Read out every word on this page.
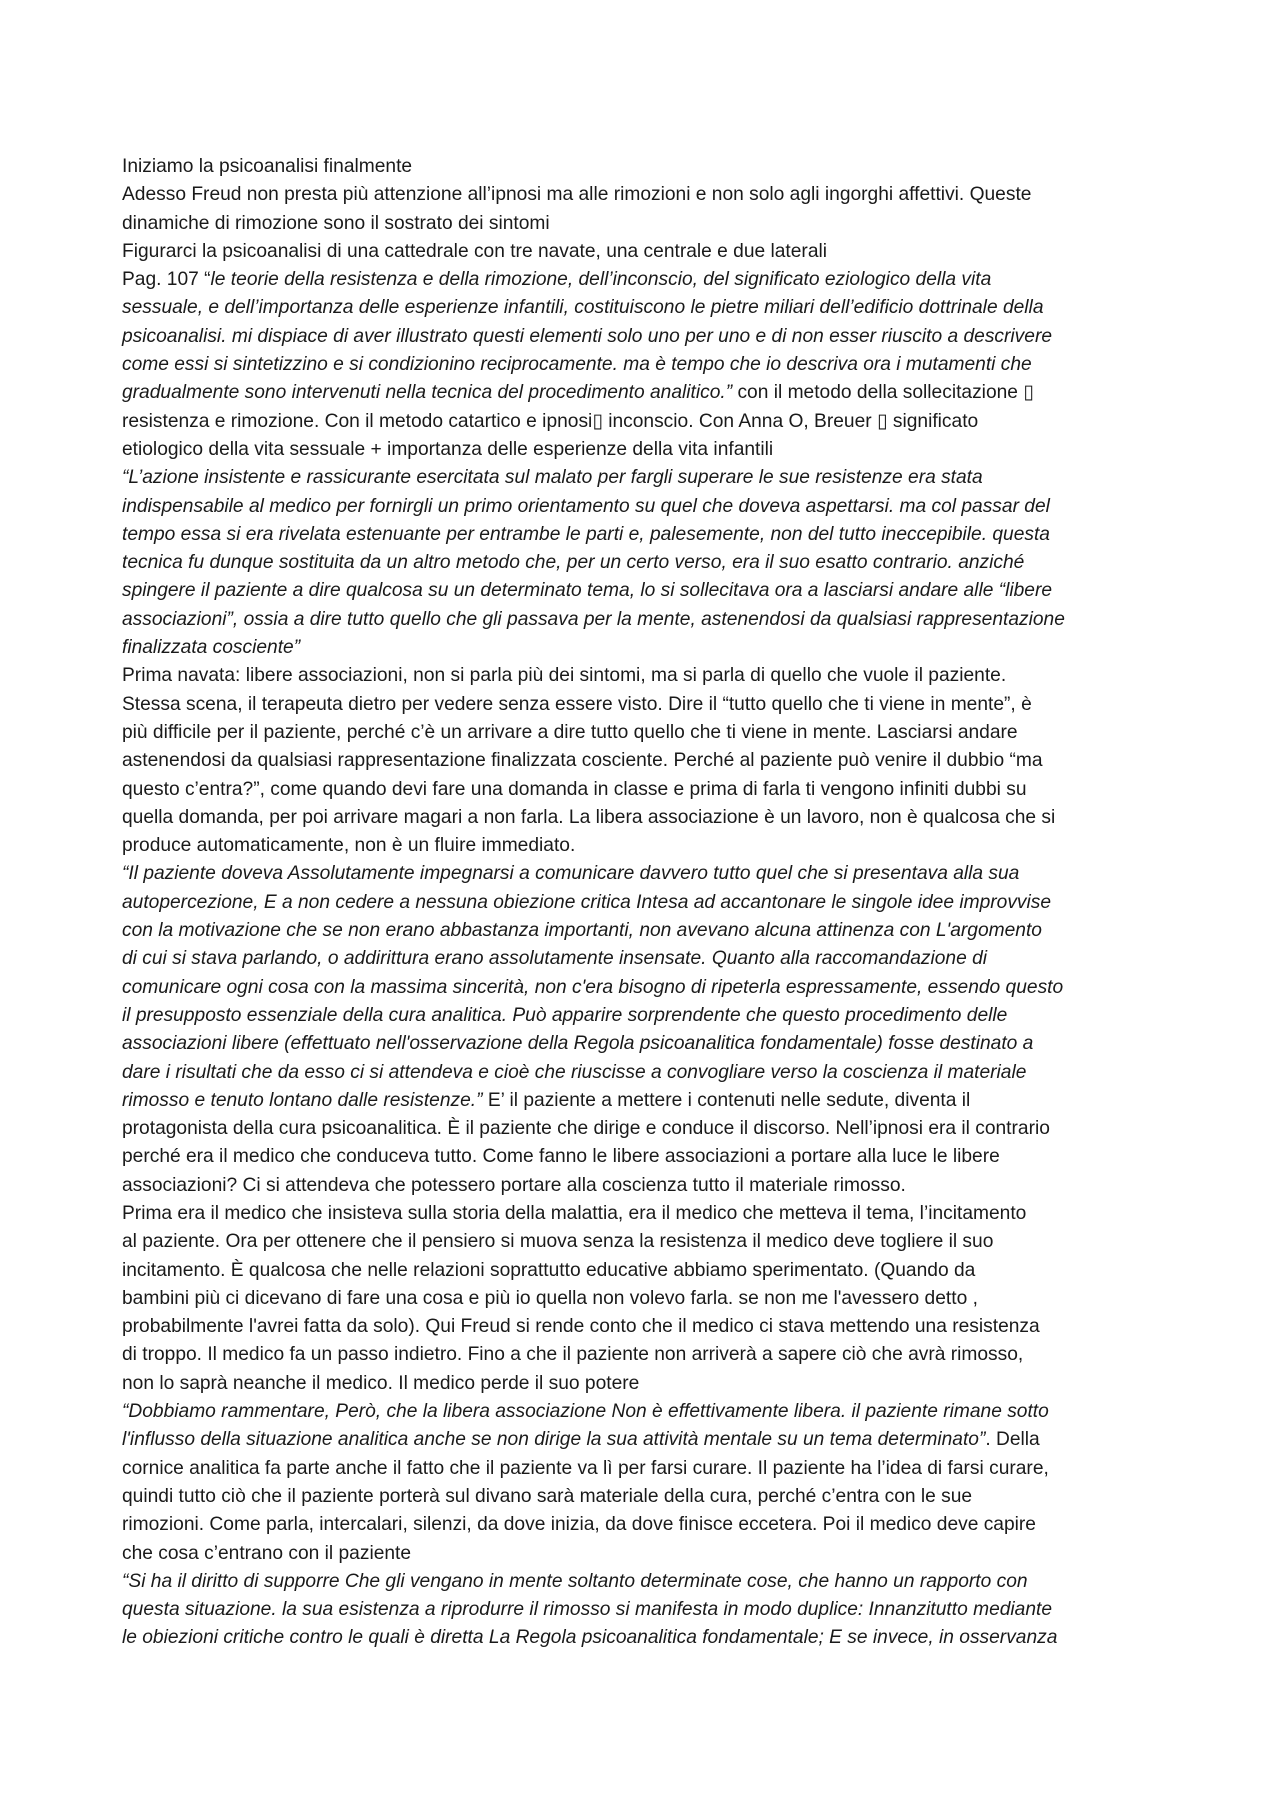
Iniziamo la psicoanalisi finalmente
Adesso Freud non presta più attenzione all’ipnosi ma alle rimozioni e non solo agli ingorghi affettivi. Queste
dinamiche di rimozione sono il sostrato dei sintomi
Figurarci la psicoanalisi di una cattedrale con tre navate, una centrale e due laterali
Pag. 107 “le teorie della resistenza e della rimozione, dell’inconscio, del significato eziologico della vita
sessuale, e dell’importanza delle esperienze infantili, costituiscono le pietre miliari dell’edificio dottrinale della
psicoanalisi. mi dispiace di aver illustrato questi elementi solo uno per uno e di non esser riuscito a descrivere
come essi si sintetizzino e si condizionino reciprocamente. ma è tempo che io descriva ora i mutamenti che
gradualmente sono intervenuti nella tecnica del procedimento analitico.” con il metodo della sollecitazione ▯
resistenza e rimozione. Con il metodo catartico e ipnosi▯ inconscio. Con Anna O, Breuer ▯ significato
etiologico della vita sessuale + importanza delle esperienze della vita infantili
“L’azione insistente e rassicurante esercitata sul malato per fargli superare le sue resistenze era stata
indispensabile al medico per fornirgli un primo orientamento su quel che doveva aspettarsi. ma col passar del
tempo essa si era rivelata estenuante per entrambe le parti e, palesemente, non del tutto ineccepibile. questa
tecnica fu dunque sostituita da un altro metodo che, per un certo verso, era il suo esatto contrario. anziché
spingere il paziente a dire qualcosa su un determinato tema, lo si sollecitava ora a lasciarsi andare alle “libere
associazioni”, ossia a dire tutto quello che gli passava per la mente, astenendosi da qualsiasi rappresentazione
finalizzata cosciente”
Prima navata: libere associazioni, non si parla più dei sintomi, ma si parla di quello che vuole il paziente.
Stessa scena, il terapeuta dietro per vedere senza essere visto. Dire il “tutto quello che ti viene in mente”, è
più difficile per il paziente, perché c’è un arrivare a dire tutto quello che ti viene in mente. Lasciarsi andare
astenendosi da qualsiasi rappresentazione finalizzata cosciente. Perché al paziente può venire il dubbio “ma
questo c’entra?”, come quando devi fare una domanda in classe e prima di farla ti vengono infiniti dubbi su
quella domanda, per poi arrivare magari a non farla. La libera associazione è un lavoro, non è qualcosa che si
produce automaticamente, non è un fluire immediato.
“Il paziente doveva Assolutamente impegnarsi a comunicare davvero tutto quel che si presentava alla sua
autopercezione, E a non cedere a nessuna obiezione critica Intesa ad accantonare le singole idee improvvise
con la motivazione che se non erano abbastanza importanti, non avevano alcuna attinenza con L'argomento
di cui si stava parlando, o addirittura erano assolutamente insensate. Quanto alla raccomandazione di
comunicare ogni cosa con la massima sincerità, non c'era bisogno di ripeterla espressamente, essendo questo
il presupposto essenziale della cura analitica. Può apparire sorprendente che questo procedimento delle
associazioni libere (effettuato nell'osservazione della Regola psicoanalitica fondamentale) fosse destinato a
dare i risultati che da esso ci si attendeva e cioè che riuscisse a convogliare verso la coscienza il materiale
rimosso e tenuto lontano dalle resistenze.” E’ il paziente a mettere i contenuti nelle sedute, diventa il
protagonista della cura psicoanalitica. È il paziente che dirige e conduce il discorso. Nell’ipnosi era il contrario
perché era il medico che conduceva tutto. Come fanno le libere associazioni a portare alla luce le libere
associazioni? Ci si attendeva che potessero portare alla coscienza tutto il materiale rimosso.
Prima era il medico che insisteva sulla storia della malattia, era il medico che metteva il tema, l’incitamento
al paziente. Ora per ottenere che il pensiero si muova senza la resistenza il medico deve togliere il suo
incitamento. È qualcosa che nelle relazioni soprattutto educative abbiamo sperimentato. (Quando da
bambini più ci dicevano di fare una cosa e più io quella non volevo farla. se non me l'avessero detto ,
probabilmente l'avrei fatta da solo). Qui Freud si rende conto che il medico ci stava mettendo una resistenza
di troppo. Il medico fa un passo indietro. Fino a che il paziente non arriverà a sapere ciò che avrà rimosso,
non lo saprà neanche il medico. Il medico perde il suo potere
“Dobbiamo rammentare, Però, che la libera associazione Non è effettivamente libera. il paziente rimane sotto
l'influsso della situazione analitica anche se non dirige la sua attività mentale su un tema determinato”. Della
cornice analitica fa parte anche il fatto che il paziente va lì per farsi curare. Il paziente ha l’idea di farsi curare,
quindi tutto ciò che il paziente porterà sul divano sarà materiale della cura, perché c’entra con le sue
rimozioni. Come parla, intercalari, silenzi, da dove inizia, da dove finisce eccetera. Poi il medico deve capire
che cosa c’entrano con il paziente
“Si ha il diritto di supporre Che gli vengano in mente soltanto determinate cose, che hanno un rapporto con
questa situazione. la sua esistenza a riprodurre il rimosso si manifesta in modo duplice: Innanzitutto mediante
le obiezioni critiche contro le quali è diretta La Regola psicoanalitica fondamentale; E se invece, in osservanza
